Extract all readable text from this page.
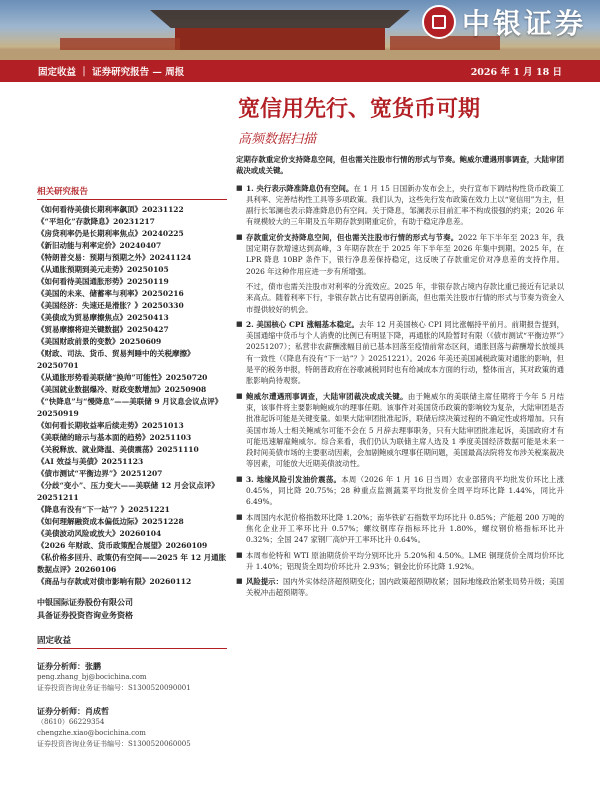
中银证券
固定收益 ｜ 证券研究报告 — 周报	2026 年 1 月 18 日
宽信用先行、宽货币可期
高频数据扫描
相关研究报告
《如何看待美债长期利率飙顶》20231122
《“平坦化”存款降息》20231217
《房贷利率仍是长期利率焦点》20240225
《新旧动能与利率定价》20240407
《特朗普交易：预期与预期之外》20241124
《从通胀预期到美元走势》20250105
《如何看待美国通胀形势》20250119
《美国的未来、储蓄率与利率》20250216
《美国经济：失速还是滑胀？》20250330
《美债成为贸易摩擦焦点》20250413
《贸易摩擦将迎关键数据》20250427
《美国财政前景的变数》20250609
《财政、司法、货币、贸易判睡中的关税摩擦》20250701
《从通胀形势看美联储“换帅”可能性》20250720
《美国就业数据爆冷、财政变数增加》20250908
《“快降息”与“慢降息”——美联储 9 月议息会议点评》20250919
《如何看长期收益率后续走势》20251013
《美联储的暗示与基本面的趋势》20251103
《关税释放、就业降温、美债震荡》20251110
《AI 效益与美债》20251123
《债市测试“平衡边界”》20251207
《分歧“变小”、压力变大——美联储 12 月会议点评》20251211
《降息有没有“下一站”？》20251221
《如何理解融资成本偏低边际》20251228
《美债波动风险或放大》20260104
《2026 年财政、货币政策配合展望》20260109
《私价格多回升、政策仍有空间——2025 年 12 月通胀数据点评》20260106
《商品与存款或对债市影响有限》20260112
中银国际证券股份有限公司
具备证券投资咨询业务资格
固定收益
证券分析师：张鹏
peng.zhang_bj@bocichina.com
证券投资咨询业务证书编号：S1300520090001
证券分析师：肖成哲
（8610）66229354
chengzhe.xiao@bocichina.com
证券投资咨询业务证书编号：S1300520060005

定期存款重定价支持降息空间，但也需关注股市行情的形式与节奏。鲍威尔遭遇刑事调查，大陆审团裁决或成关键。

■ 1. 央行表示降准降息仍有空间。在 1 月 15 日国新办发布会上，央行宣布下调结构性货币政策工具利率、完善结构性工具等多项政策。我们认为，这些先行发布政策在效力上以“宽信用”为主，但副行长邹澜也表示降准降息仍有空间。关于降息，邹澜表示目前汇率不构成很强的约束；2026 年有规模较大的三年期及五年期存款到期重定价，有助于稳定净息差。

■ 存款重定价支持降息空间，但也需关注股市行情的形式与节奏。2022 年下半年至 2023 年，我国定期存款增速达到高峰，3 年期存款在于 2025 年下半年至 2026 年集中到期。2025 年，在 LPR 降息 10BP 条件下，银行净息差保持稳定，这反映了存款重定价对净息差的支持作用。2026 年这种作用应进一步有所增强。

不过，债市也需关注股市对利率的分流效应。2025 年，非银存款占境内存款比重已接近有记录以来高点。随着利率下行，非银存款占比有望再创新高，但也需关注股市行情的形式与节奏为资金入市提供较好的机会。

■ 2. 美国核心 CPI 涨幅基本稳定。去年 12 月美国核心 CPI 同比涨幅持平前月。前期报告提到，美国通缩中货币与个人消费的比例已有明显下降，再通胀的风险暂时有限（《债市测试“平衡边界”》20251207）；私营非农薪酬涨幅目前已基本回落至疫情前常态区间，通胀回落与薪酬增长放缓具有一致性（《降息有没有“下一站”？》20251221）。2026 年美还美国减税政策对通胀的影响，但是平的税务申报，特朗普政府在谷歌减税同时也有给减成本方面的行动，整体而言，其对政策的通胀影响尚待观察。

■ 鲍威尔遭遇刑事调查，大陆审团裁决或成关键。由于鲍威尔的美联储主席任期将于今年 5 月结束，该事件将主要影响鲍威尔的理事任期。该事件对美国货币政策的影响较为复杂，大陆审团是否批准起诉可能是关键变量。如果大陆审团批准起诉，联储后续决策过程的不确定性或将增加。只有美国市场人士相关鲍威尔可能不会在 5 月辞去理事职务，只有大陆审团批准起诉，美国政府才有可能迅速解雇鲍威尔。综合来看，我们仍认为联储主席人选及 1 季度美国经济数据可能是未来一段时间美债市场的主要驱动因素，会加剧鲍威尔理事任期问题，美国最高法院将发布涉关税案裁决等因素，可能放大近期美债波动性。

■ 3. 地缘风险引发油价震荡。本周（2026 年 1 月 16 日当周）农业部猪肉平均批发价环比上涨 0.45%，同比降 20.75%；28 种重点监测蔬菜平均批发价全周平均环比降 1.44%，同比升 6.49%。

■ 本周国内水泥价格指数环比降 1.20%；南华铁矿石指数平均环比升 0.85%；产能超 200 万吨的焦化企业开工率环比升 0.57%；螺纹钢库存指标环比升 1.80%，螺纹钢价格指标环比升 0.32%；全国 247 家钢厂高炉开工率环比升 0.64%。

■ 本周布伦特和 WTI 原油期货价平均分别环比升 5.20%和 4.50%。LME 铜现货价全周均价环比升 1.40%；铝现货全周均价环比升 2.93%；铜金比价环比降 1.92%。

■ 风险提示：国内外实体经济超预期变化；国内政策超预期收紧；国际地缘政治紧张局势升级；美国关税冲击超预期等。
